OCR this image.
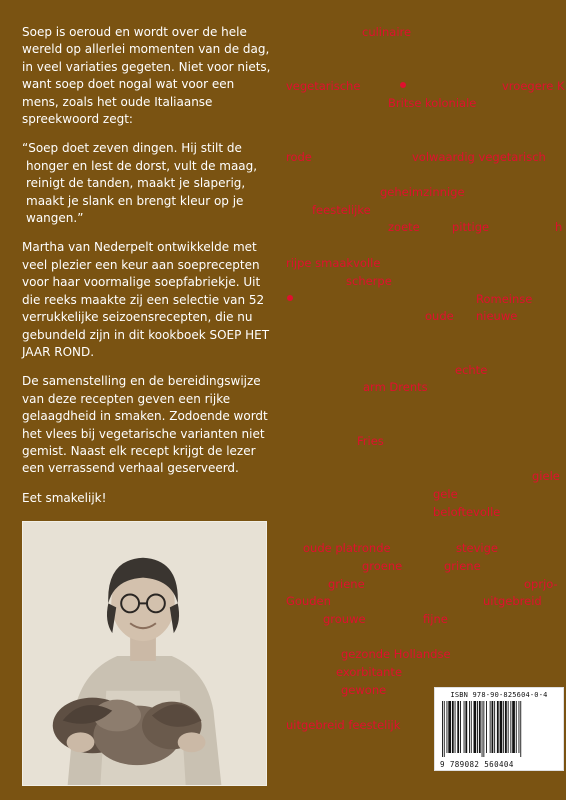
Soep is oeroud en wordt over de hele wereld op allerlei momenten van de dag, in veel variaties gegeten. Niet voor niets, want soep doet nogal wat voor een mens, zoals het oude Italiaanse spreekwoord zegt:

“Soep doet zeven dingen. Hij stilt de honger en lest de dorst, vult de maag, reinigt de tanden, maakt je slaperig, maakt je slank en brengt kleur op je wangen.”

Martha van Nederpelt ontwikkelde met veel plezier een keur aan soeprecepten voor haar voormalige soepfabriekje. Uit die reeks maakte zij een selectie van 52 verrukkelijke seizoensrecepten, die nu gebundeld zijn in dit kookboek SOEP HET JAAR ROND.

De samenstelling en de bereidingswijze van deze recepten geven een rijke gelaagdheid in smaken. Zodoende wordt het vlees bij vegetarische varianten niet gemist. Naast elk recept krijgt de lezer een verrassend verhaal geserveerd.

Eet smakelijk!

culinaire
vegetarische	vroegere K
Britse koloniale
rode	volwaardig vegetarisch
geheimzinnige
feestelijke
zoete	pittige	h
rijpe smaakvolle
scherpe
Romeinse
oude nieuwe
echte
arm Drents
Fries
giele
gele
beloftevolle
oude platronde	stevige
groene	griene
griene	oprjo-
Gouden	uitgebreid
grouwe	fijne
gezonde Hollandse
exorbitante
gewone
uitgebreid feestelijk
ISBN 978-90-825604-0-4
9 789082 560404
